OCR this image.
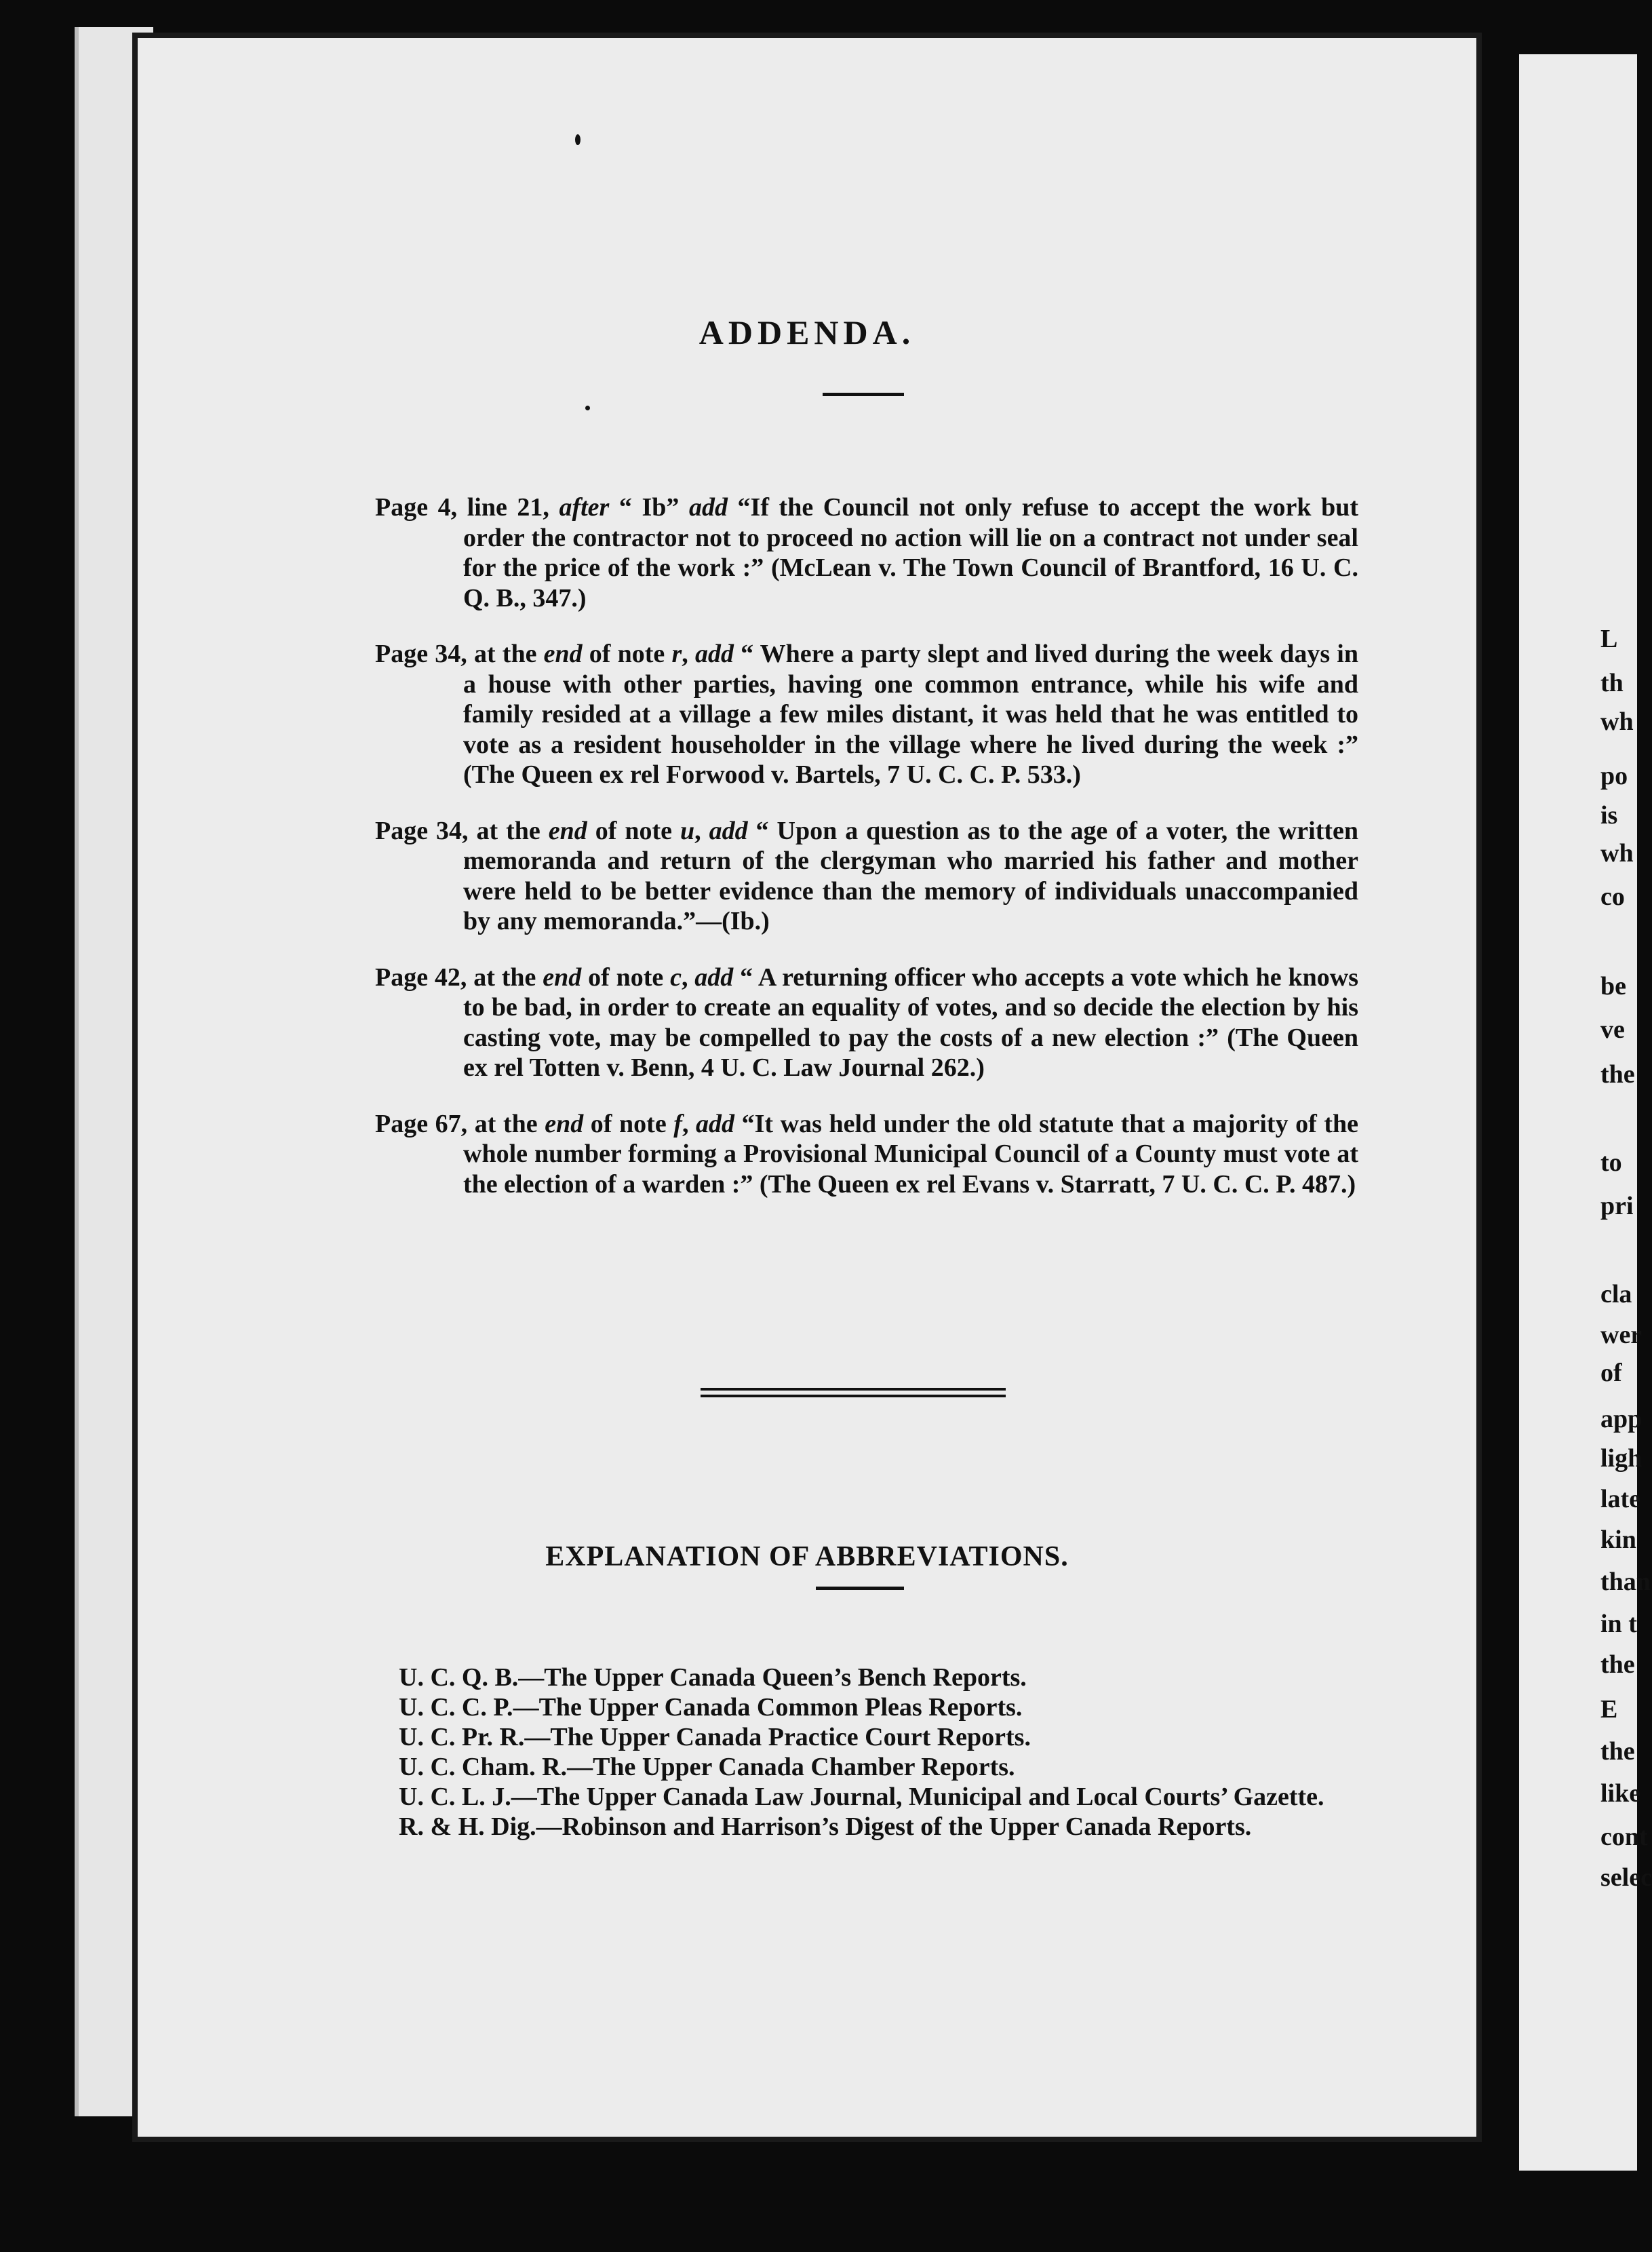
ADDENDA.

Page 4, line 21, after “ Ib” add “If the Council not only refuse to accept the work but order the contractor not to proceed no action will lie on a contract not under seal for the price of the work :” (McLean v. The Town Council of Brantford, 16 U. C. Q. B., 347.)

Page 34, at the end of note r, add “ Where a party slept and lived during the week days in a house with other parties, having one common entrance, while his wife and family resided at a village a few miles distant, it was held that he was entitled to vote as a resident householder in the village where he lived during the week :” (The Queen ex rel Forwood v. Bartels, 7 U. C. C. P. 533.)

Page 34, at the end of note u, add “ Upon a question as to the age of a voter, the written memoranda and return of the clergyman who married his father and mother were held to be better evidence than the memory of individuals unaccompanied by any memoranda.”—(Ib.)

Page 42, at the end of note c, add “ A returning officer who accepts a vote which he knows to be bad, in order to create an equality of votes, and so decide the election by his casting vote, may be compelled to pay the costs of a new election :” (The Queen ex rel Totten v. Benn, 4 U. C. Law Journal 262.)

Page 67, at the end of note f, add “It was held under the old statute that a majority of the whole number forming a Provisional Municipal Council of a County must vote at the election of a warden :” (The Queen ex rel Evans v. Starratt, 7 U. C. C. P. 487.)

EXPLANATION OF ABBREVIATIONS.

U. C. Q. B.—The Upper Canada Queen’s Bench Reports.

U. C. C. P.—The Upper Canada Common Pleas Reports.

U. C. Pr. R.—The Upper Canada Practice Court Reports.

U. C. Cham. R.—The Upper Canada Chamber Reports.

U. C. L. J.—The Upper Canada Law Journal, Municipal and Local Courts’ Gazette.

R. & H. Dig.—Robinson and Harrison’s Digest of the Upper Canada Reports.

L
th
wh
po
is
wh
co
be
ve
the
to
pri
cla
wer
of
app
ligh
late
kin
than
in t
the
E
the
like
cont
selec
